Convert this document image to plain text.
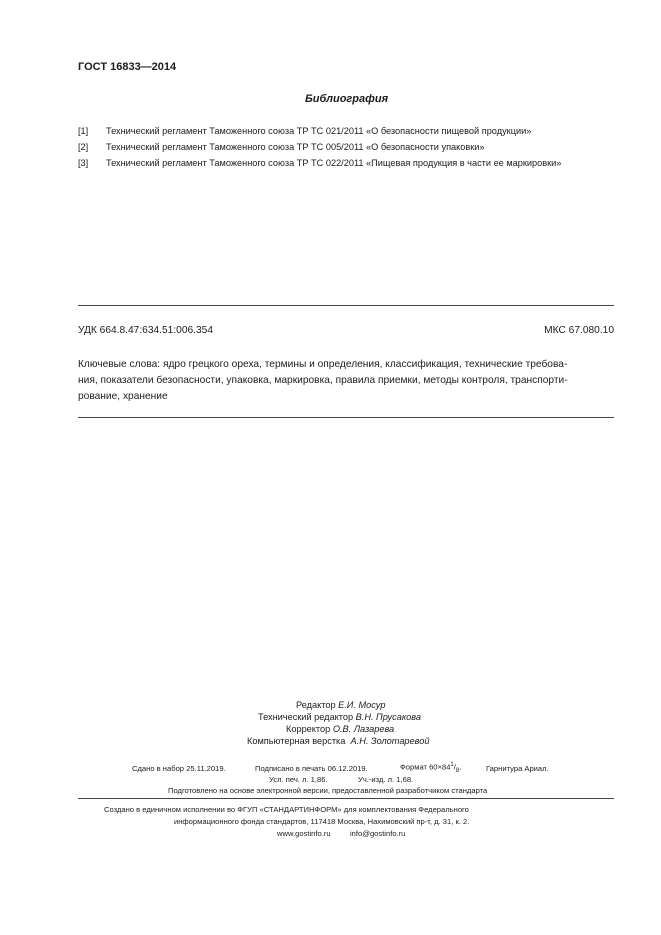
ГОСТ 16833—2014
Библиография
[1] Технический регламент Таможенного союза ТР ТС 021/2011 «О безопасности пищевой продукции»
[2] Технический регламент Таможенного союза ТР ТС 005/2011 «О безопасности упаковки»
[3] Технический регламент Таможенного союза ТР ТС 022/2011 «Пищевая продукция в части ее маркировки»
УДК 664.8.47:634.51:006.354	МКС 67.080.10
Ключевые слова: ядро грецкого ореха, термины и определения, классификация, технические требова-
ния, показатели безопасности, упаковка, маркировка, правила приемки, методы контроля, транспорти-
рование, хранение
Редактор Е.И. Мосур
Технический редактор В.Н. Прусакова
Корректор О.В. Лазарева
Компьютерная верстка А.Н. Золотаревой
Сдано в набор 25.11.2019.	Подписано в печать 06.12.2019.	Формат $60\times 84^1/_8$.	Гарнитура Ариал.
Усл. печ. л. 1,86.	Уч.-изд. л. 1,68.
Подготовлено на основе электронной версии, предоставленной разработчиком стандарта
Создано в единичном исполнении во ФГУП «СТАНДАРТИНФОРМ» для комплектования Федерального
информационного фонда стандартов, 117418 Москва, Нахимовский пр-т, д. 31, к. 2.
www.gostinfo.ru	info@gostinfo.ru
